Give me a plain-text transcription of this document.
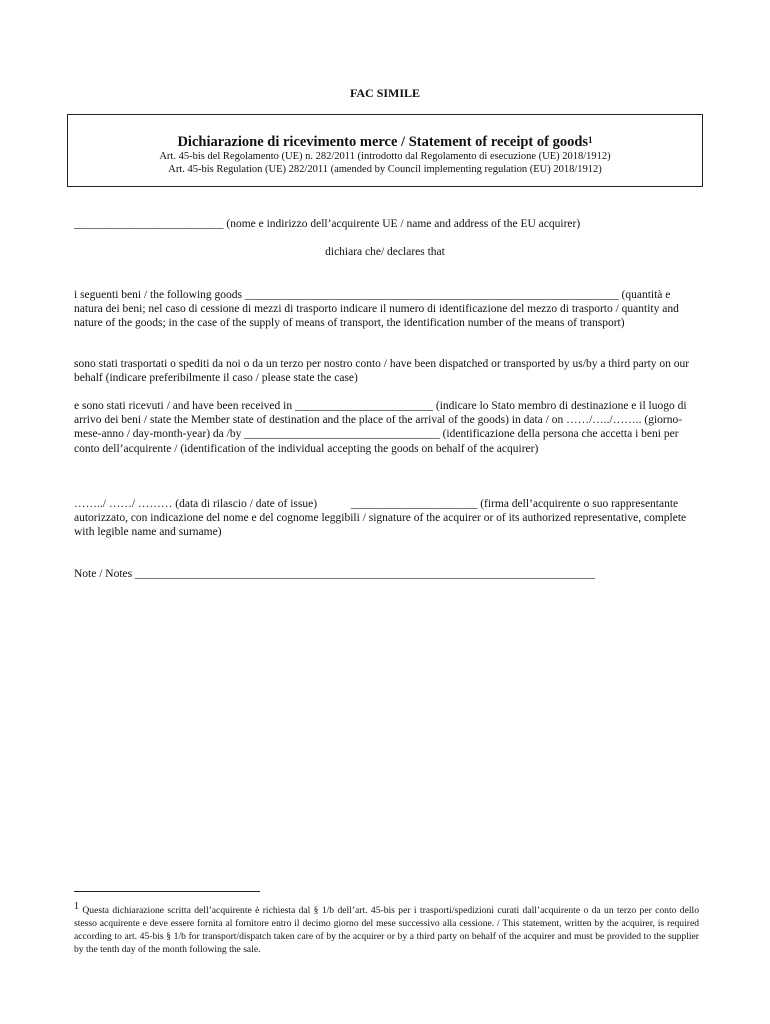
FAC SIMILE
Dichiarazione di ricevimento merce / Statement of receipt of goods$^1$
Art. 45-bis del Regolamento (UE) n. 282/2011 (introdotto dal Regolamento di esecuzione (UE) 2018/1912)
Art. 45-bis Regulation (UE) 282/2011 (amended by Council implementing regulation (EU) 2018/1912)
__________________________ (nome e indirizzo dell’acquirente UE / name and address of the EU acquirer)
dichiara che/ declares that
i seguenti beni / the following goods _________________________________________________________________ (quantità e natura dei beni; nel caso di cessione di mezzi di trasporto indicare il numero di identificazione del mezzo di trasporto / quantity and nature of the goods; in the case of the supply of means of transport, the identification number of the means of transport)
sono stati trasportati o spediti da noi o da un terzo per nostro conto / have been dispatched or transported by us/by a third party on our behalf (indicare preferibilmente il caso / please state the case)
e sono stati ricevuti / and have been received in ________________________ (indicare lo Stato membro di destinazione e il luogo di arrivo dei beni / state the Member state of destination and the place of the arrival of the goods) in data / on ……/…../…….. (giorno-mese-anno / day-month-year) da /by __________________________________ (identificazione della persona che accetta i beni per conto dell’acquirente / (identification of the individual accepting the goods on behalf of the acquirer)
……../ ……/ ……… (data di rilascio / date of issue)	______________________ (firma dell’acquirente o suo rappresentante autorizzato, con indicazione del nome e del cognome leggibili / signature of the acquirer or of its authorized representative, complete with legible name and surname)
Note / Notes ________________________________________________________________________________
$^1$ Questa dichiarazione scritta dell’acquirente è richiesta dal § 1/b dell’art. 45-bis per i trasporti/spedizioni curati dall’acquirente o da un terzo per conto dello stesso acquirente e deve essere fornita al fornitore entro il decimo giorno del mese successivo alla cessione. / This statement, written by the acquirer, is required according to art. 45-bis § 1/b for transport/dispatch taken care of by the acquirer or by a third party on behalf of the acquirer and must be provided to the supplier by the tenth day of the month following the sale.
